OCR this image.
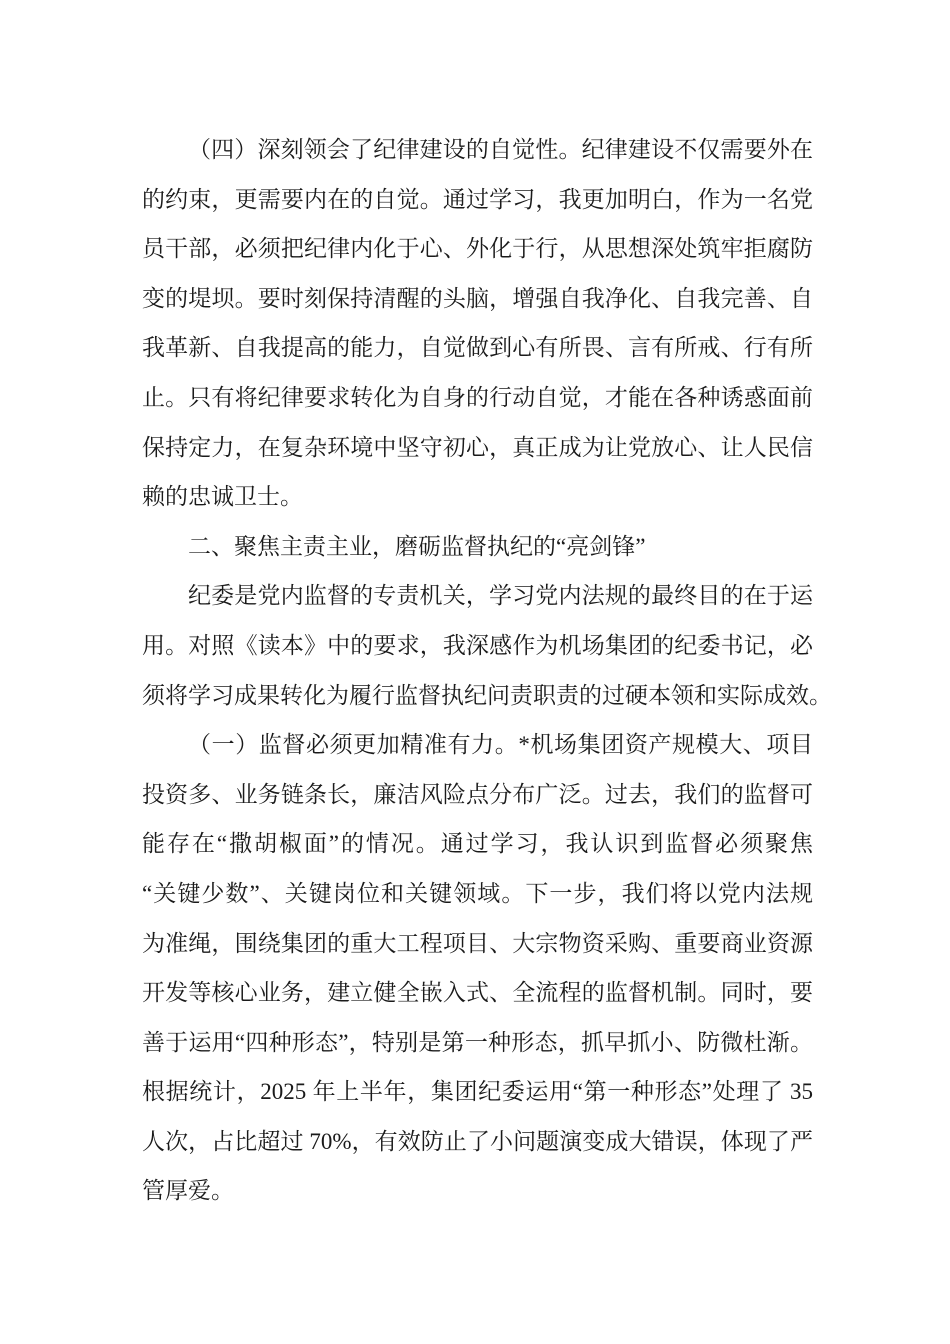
（四）深刻领会了纪律建设的自觉性。纪律建设不仅需要外在
的约束，更需要内在的自觉。通过学习，我更加明白，作为一名党
员干部，必须把纪律内化于心、外化于行，从思想深处筑牢拒腐防
变的堤坝。要时刻保持清醒的头脑，增强自我净化、自我完善、自
我革新、自我提高的能力，自觉做到心有所畏、言有所戒、行有所
止。只有将纪律要求转化为自身的行动自觉，才能在各种诱惑面前
保持定力，在复杂环境中坚守初心，真正成为让党放心、让人民信
赖的忠诚卫士。
二、聚焦主责主业，磨砺监督执纪的“亮剑锋”
纪委是党内监督的专责机关，学习党内法规的最终目的在于运
用。对照《读本》中的要求，我深感作为机场集团的纪委书记，必
须将学习成果转化为履行监督执纪问责职责的过硬本领和实际成效。
（一）监督必须更加精准有力。*机场集团资产规模大、项目
投资多、业务链条长，廉洁风险点分布广泛。过去，我们的监督可
能存在“撒胡椒面”的情况。通过学习，我认识到监督必须聚焦
“关键少数”、关键岗位和关键领域。下一步，我们将以党内法规
为准绳，围绕集团的重大工程项目、大宗物资采购、重要商业资源
开发等核心业务，建立健全嵌入式、全流程的监督机制。同时，要
善于运用“四种形态”，特别是第一种形态，抓早抓小、防微杜渐。
根据统计，2025 年上半年，集团纪委运用“第一种形态”处理了 35
人次，占比超过 70%，有效防止了小问题演变成大错误，体现了严
管厚爱。
